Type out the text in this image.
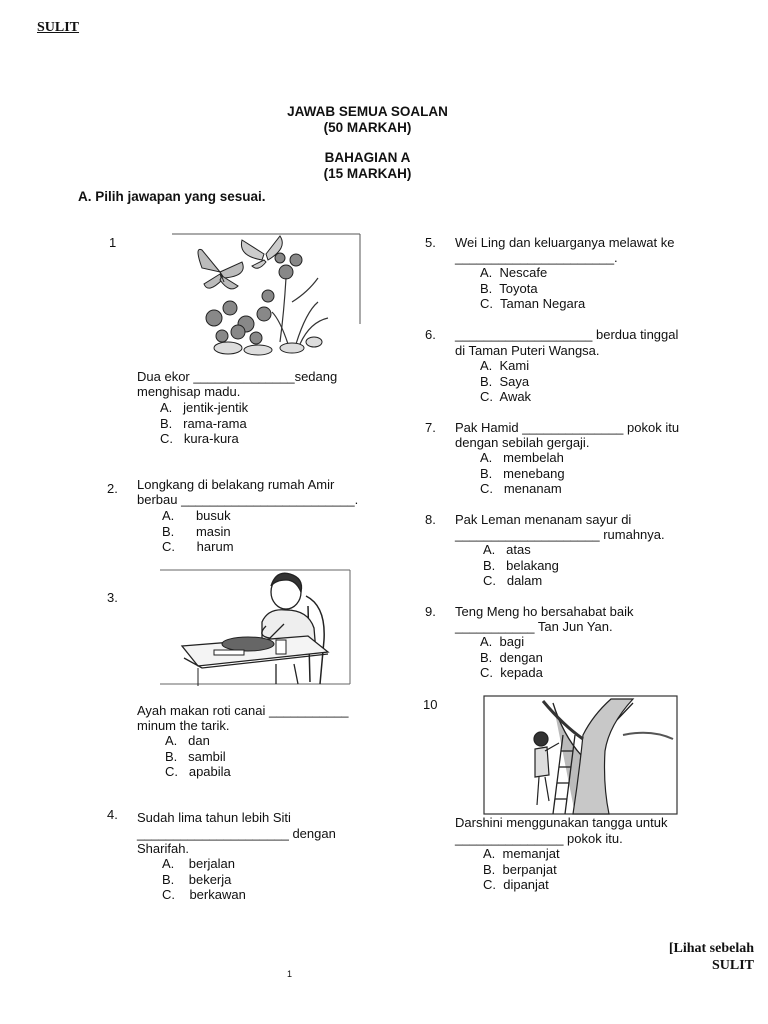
SULIT
JAWAB SEMUA SOALAN
(50 MARKAH)
BAHAGIAN A
(15 MARKAH)
A. Pilih jawapan yang sesuai.
1
Dua ekor ______________sedang
menghisap madu.
A.   jentik-jentik
B.   rama-rama
C.   kura-kura
2. Longkang di belakang rumah Amir
berbau ________________________.
A.      busuk
B.      masin
C.      harum
3.
Ayah makan roti canai ___________
minum the tarik.
A.   dan
B.   sambil
C.   apabila
4. Sudah lima tahun lebih Siti
_____________________ dengan
Sharifah.
A.    berjalan
B.    bekerja
C.    berkawan
5. Wei Ling dan keluarganya melawat ke
______________________.
A.  Nescafe
B.  Toyota
C.  Taman Negara
6. ___________________ berdua tinggal
di Taman Puteri Wangsa.
A.  Kami
B.  Saya
C.  Awak
7. Pak Hamid ______________ pokok itu
dengan sebilah gergaji.
A.   membelah
B.   menebang
C.   menanam
8. Pak Leman menanam sayur di
____________________ rumahnya.
A.   atas
B.   belakang
C.   dalam
9. Teng Meng ho bersahabat baik
___________ Tan Jun Yan.
A.  bagi
B.  dengan
C.  kepada
10
Darshini menggunakan tangga untuk
_______________ pokok itu.
A.  memanjat
B.  berpanjat
C.  dipanjat
[Lihat sebelah
SULIT
1
